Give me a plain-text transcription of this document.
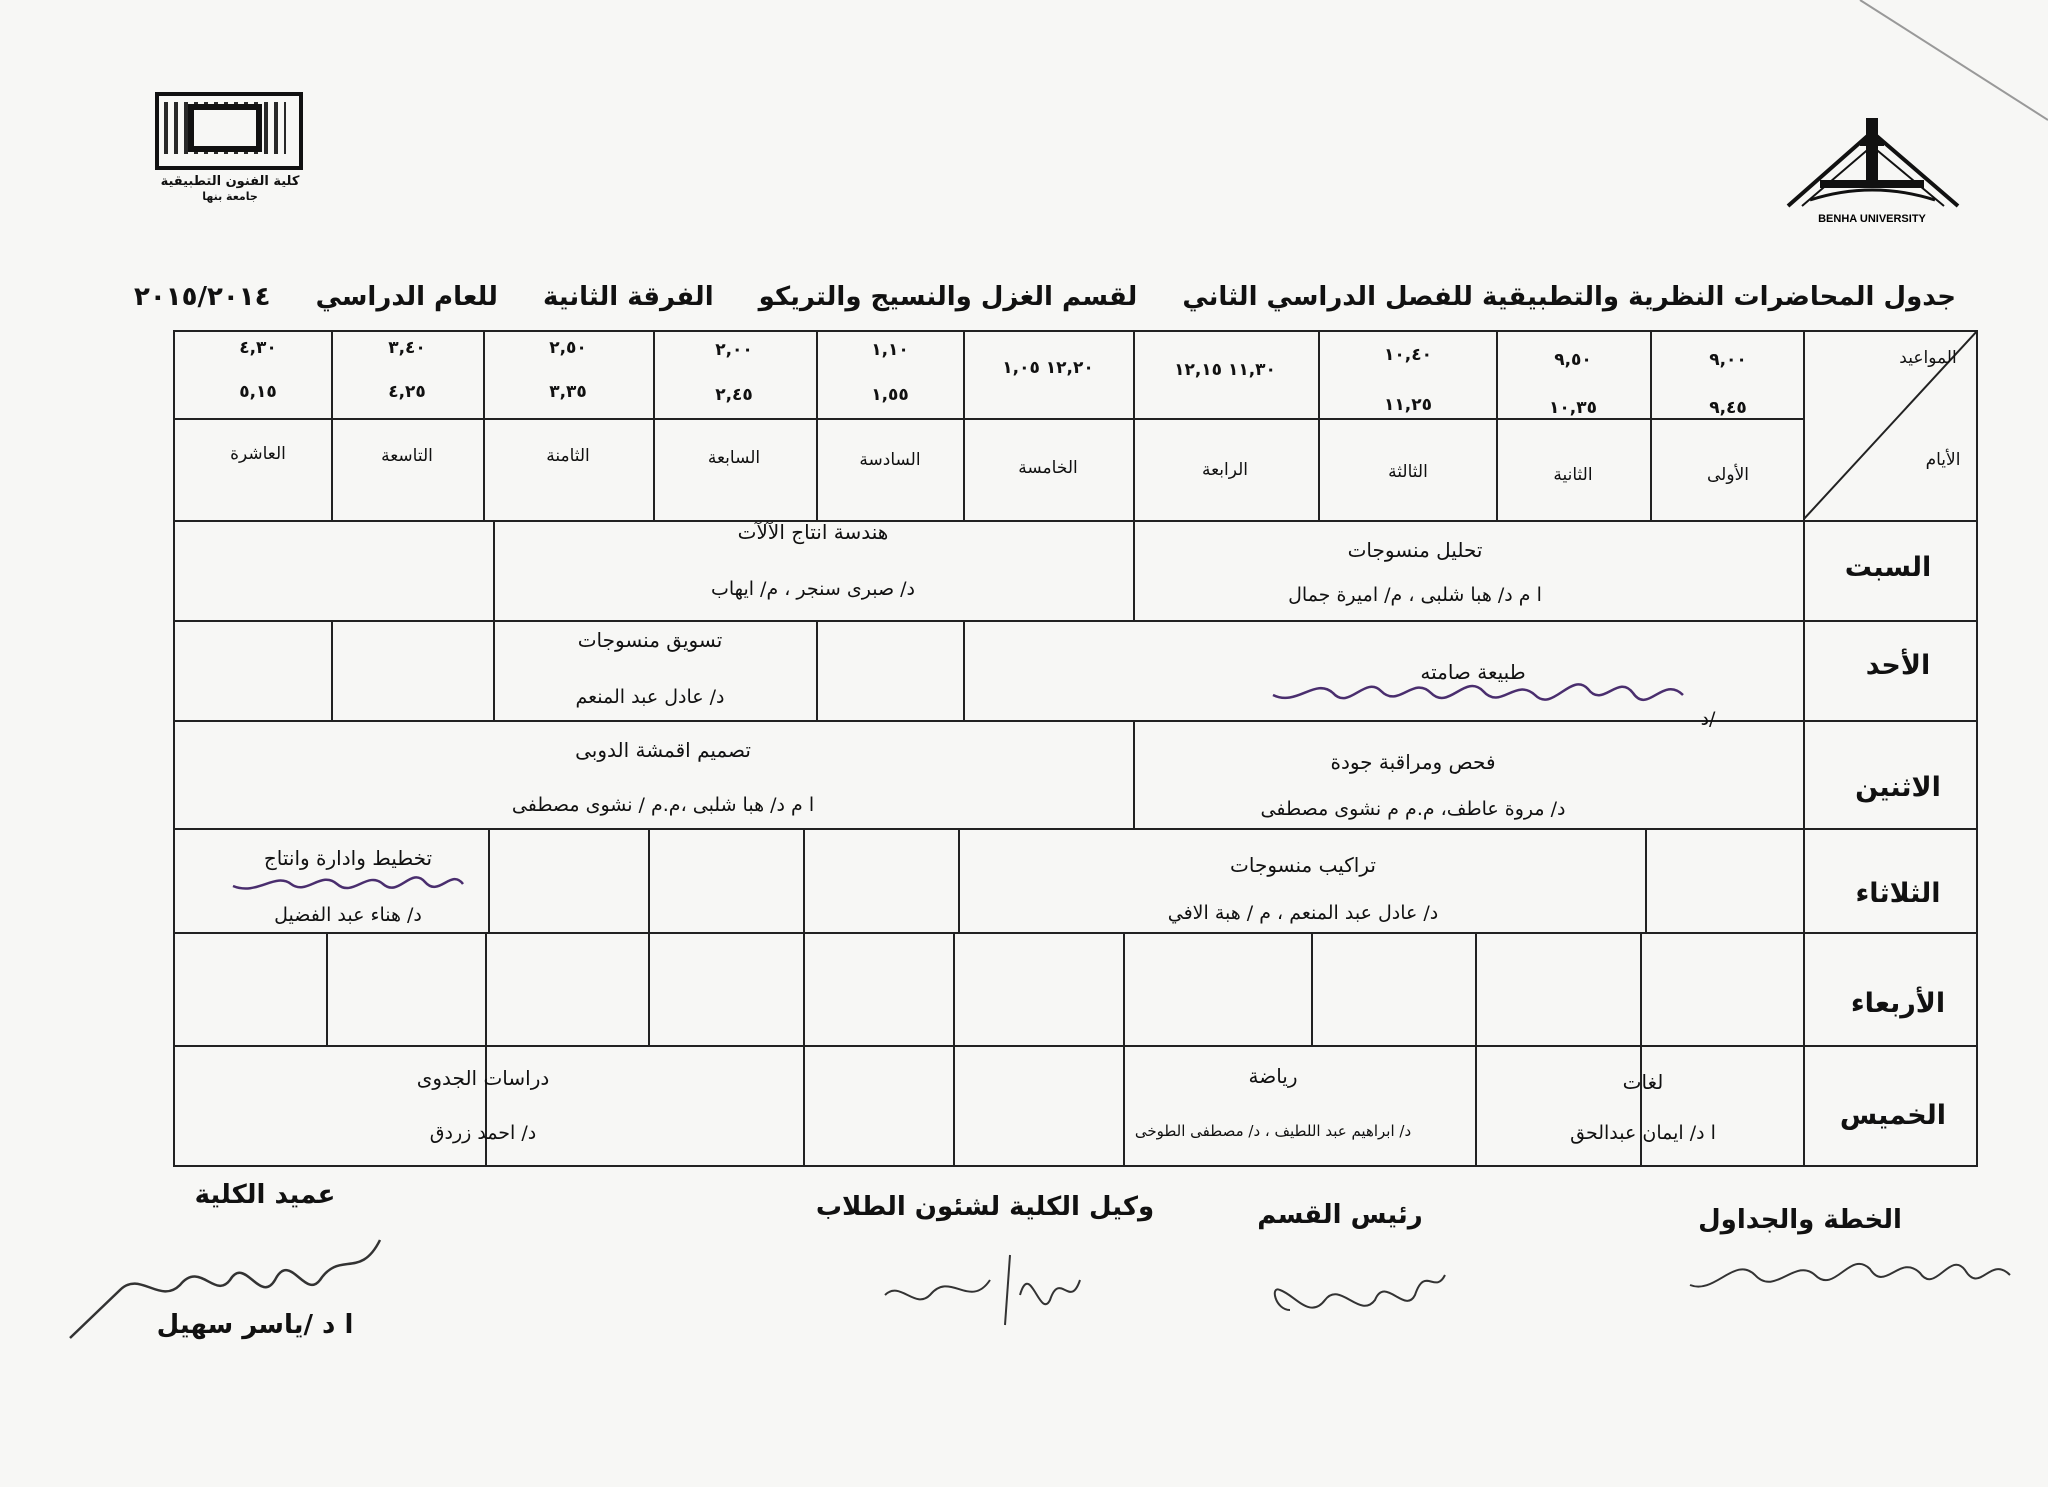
كلية الفنون التطبيقية
جامعة بنها
BENHA UNIVERSITY
جدول المحاضرات النظرية والتطبيقية للفصل الدراسي الثاني لقسم الغزل والنسيج والتريكو الفرقة الثانية للعام الدراسي ٢٠١٥/٢٠١٤
المواعيد
الأيام
٩,٠٠
٩,٤٥
الأولى
٩,٥٠
١٠,٣٥
الثانية
١٠,٤٠
١١,٢٥
الثالثة
١١,٣٠ ١٢,١٥
الرابعة
١٢,٢٠ ١,٠٥
الخامسة
١,١٠
١,٥٥
السادسة
٢,٠٠
٢,٤٥
السابعة
٢,٥٠
٣,٣٥
الثامنة
٣,٤٠
٤,٢٥
التاسعة
٤,٣٠
٥,١٥
العاشرة
السبت
تحليل منسوجات
ا م د/ هبا شلبى ، م/ اميرة جمال
هندسة انتاج الآلآت
د/ صبرى سنجر ، م/ ايهاب
الأحد
طبيعة صامته
د/
تسويق منسوجات
د/ عادل عبد المنعم
الاثنين
فحص ومراقبة جودة
د/ مروة عاطف، م.م م نشوى مصطفى
تصميم اقمشة الدوبى
ا م د/ هبا شلبى ،م.م / نشوى مصطفى
الثلاثاء
تراكيب منسوجات
د/ عادل عبد المنعم ، م / هبة الافي
تخطيط وادارة وانتاج
د/ هناء عبد الفضيل
الأربعاء
الخميس
لغات
ا د/ ايمان عبدالحق
رياضة
د/ ابراهيم عبد اللطيف ، د/ مصطفى الطوخى
دراسات الجدوى
د/ احمد زردق
الخطة والجداول
رئيس القسم
وكيل الكلية لشئون الطلاب
عميد الكلية
ا د /ياسر سهيل
